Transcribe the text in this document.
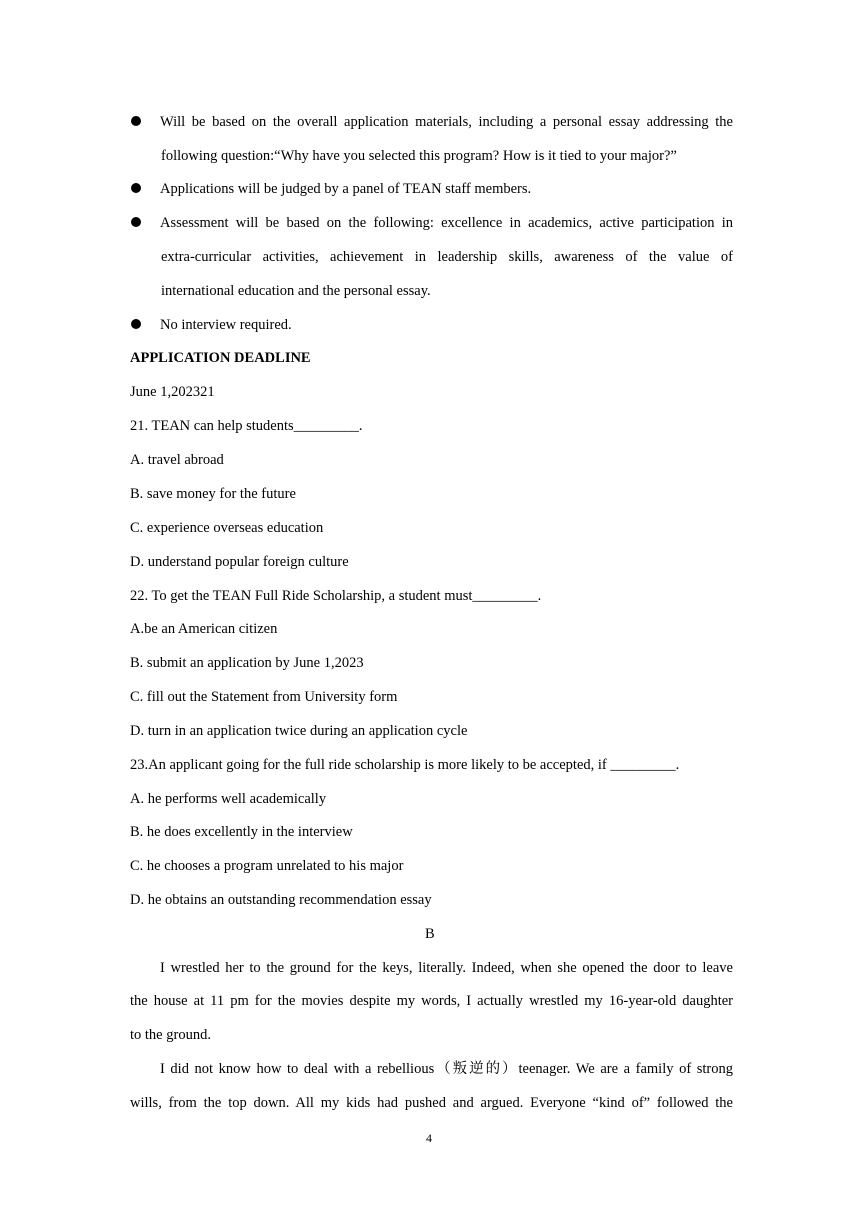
Will be based on the overall application materials, including a personal essay addressing the
following question:“Why have you selected this program? How is it tied to your major?”
Applications will be judged by a panel of TEAN staff members.
Assessment will be based on the following: excellence in academics, active participation in
extra-curricular activities, achievement in leadership skills, awareness of the value of
international education and the personal essay.
No interview required.
APPLICATION DEADLINE
June 1,202321
21. TEAN can help students_________.
A. travel abroad
B. save money for the future
C. experience overseas education
D. understand popular foreign culture
22. To get the TEAN Full Ride Scholarship, a student must_________.
A.be an American citizen
B. submit an application by June 1,2023
C. fill out the Statement from University form
D. turn in an application twice during an application cycle
23.An applicant going for the full ride scholarship is more likely to be accepted, if _________.
A. he performs well academically
B. he does excellently in the interview
C. he chooses a program unrelated to his major
D. he obtains an outstanding recommendation essay
B
I wrestled her to the ground for the keys, literally. Indeed, when she opened the door to leave
the house at 11 pm for the movies despite my words, I actually wrestled my 16-year-old daughter
to the ground.
I did not know how to deal with a rebellious（叛逆的）teenager. We are a family of strong
wills, from the top down. All my kids had pushed and argued. Everyone “kind of” followed the
4
